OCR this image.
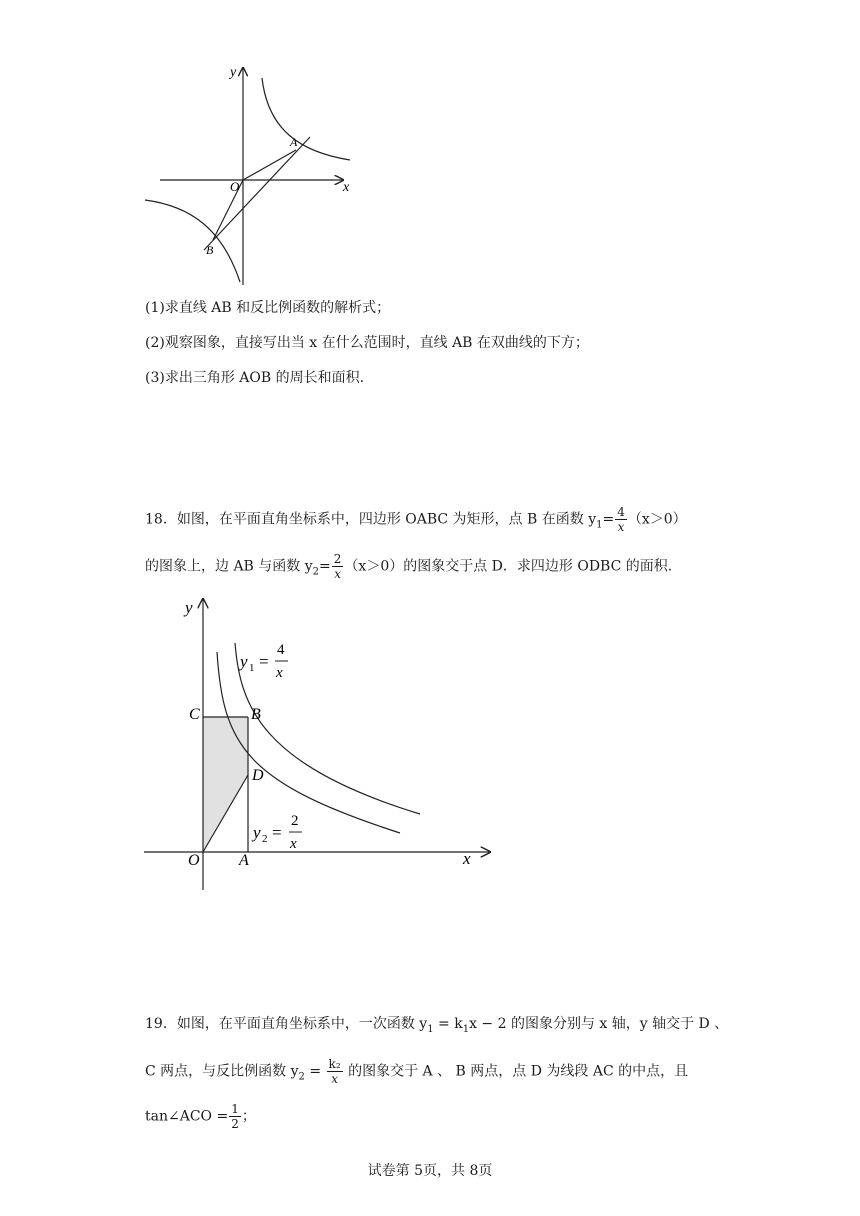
y
x
O
A
B
(1)求直线 AB 和反比例函数的解析式；
(2)观察图象，直接写出当 x 在什么范围时，直线 AB 在双曲线的下方；
(3)求出三角形 AOB 的周长和面积.
18．如图，在平面直角坐标系中，四边形 OABC 为矩形，点 B 在函数 $y_1= \frac{4}{x} (x>0)$
的图象上，边 AB 与函数 $y_2= \frac{2}{x} (x>0)$的图象交于点 D．求四边形 ODBC 的面积.
y
x
O A
B
C
D
y 1 =
4
x
y 2 =
2
x
19．如图，在平面直角坐标系中，一次函数 $y_1 = k_1x - 2$ 的图象分别与 x 轴，y 轴交于 D 、
C 两点，与反比例函数 $y_2 = \frac{\text{k₂}}{x}$ 的图象交于 A 、 B 两点，点 D 为线段 AC 的中点，且
tan∠ACO = $\frac{1}{2}$ ；
试卷第 5页，共 8页
